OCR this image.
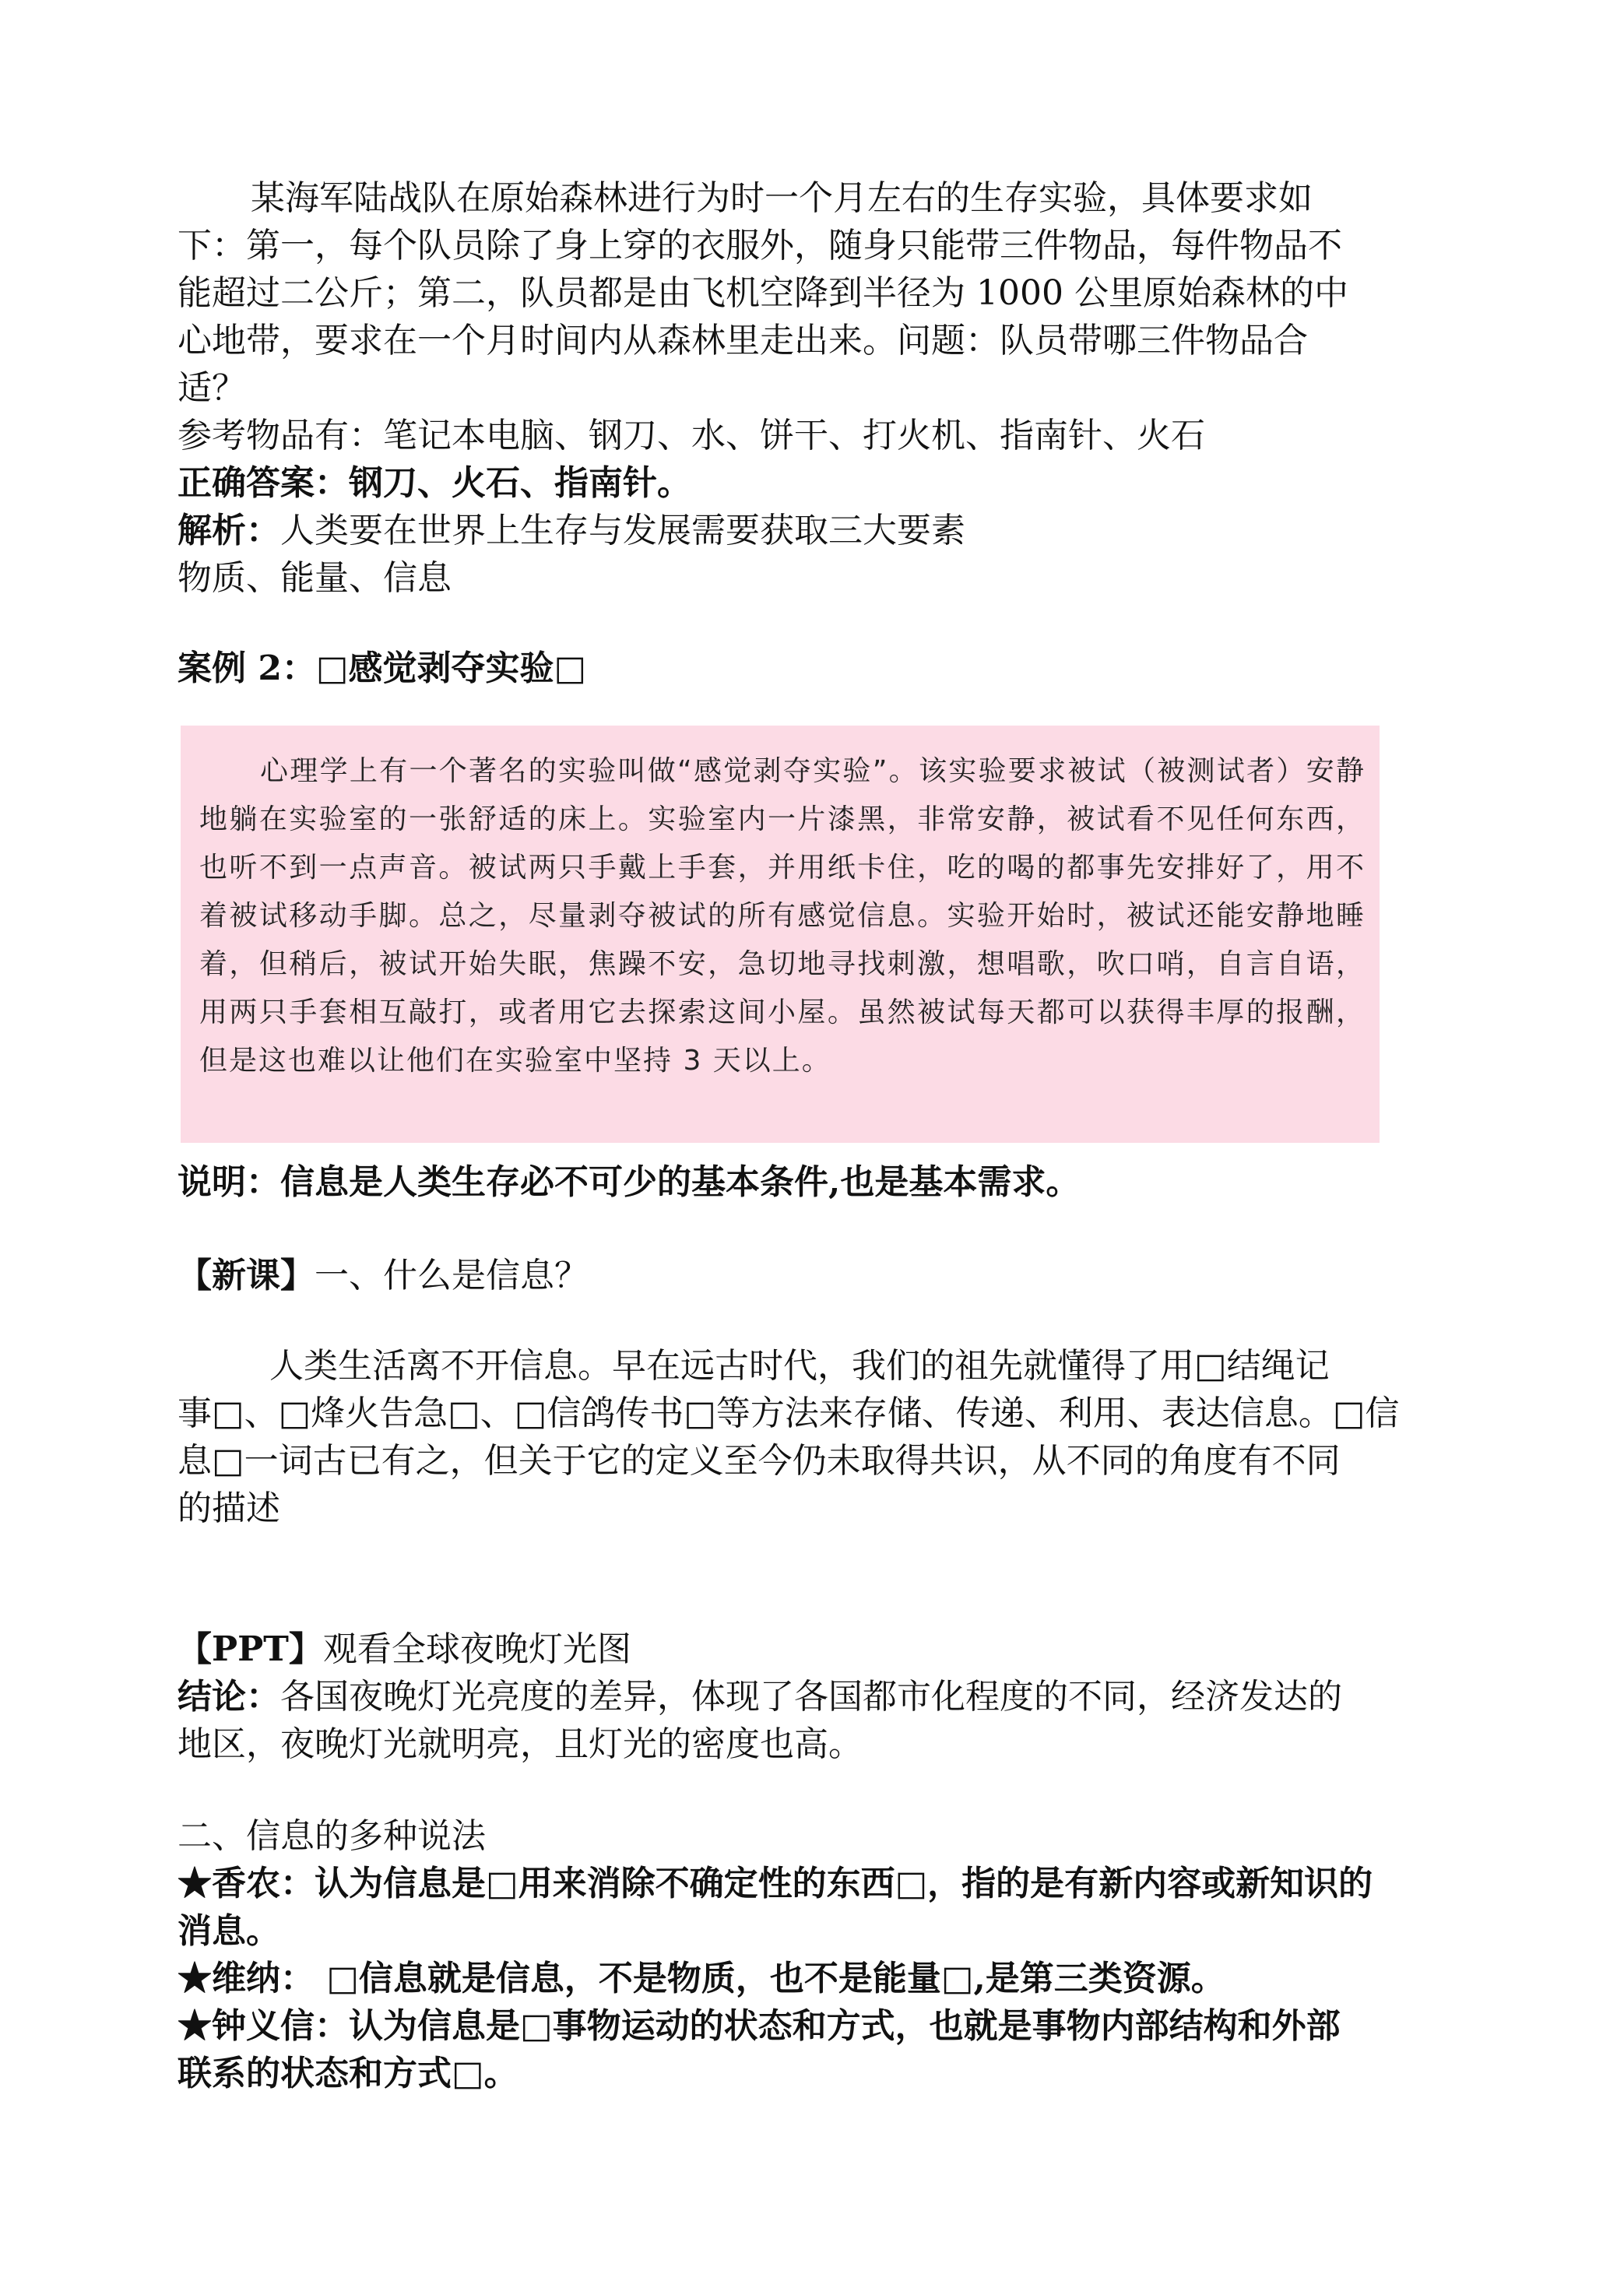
某海军陆战队在原始森林进行为时一个月左右的生存实验，具体要求如
下：第一，每个队员除了身上穿的衣服外，随身只能带三件物品，每件物品不
能超过二公斤；第二，队员都是由飞机空降到半径为 1000 公里原始森林的中
心地带，要求在一个月时间内从森林里走出来。问题：队员带哪三件物品合
适？
参考物品有：笔记本电脑、钢刀、水、饼干、打火机、指南针、火石
正确答案：钢刀、火石、指南针。
解析：人类要在世界上生存与发展需要获取三大要素
物质、能量、信息
案例 2：□感觉剥夺实验□
心理学上有一个著名的实验叫做“感觉剥夺实验”。该实验要求被试（被测试者）安静地躺在实验室的一张舒适的床上。实验室内一片漆黑，非常安静，被试看不见任何东西，也听不到一点声音。被试两只手戴上手套，并用纸卡住，吃的喝的都事先安排好了，用不着被试移动手脚。总之，尽量剥夺被试的所有感觉信息。实验开始时，被试还能安静地睡着，但稍后，被试开始失眠，焦躁不安，急切地寻找刺激，想唱歌，吹口哨，自言自语，用两只手套相互敲打，或者用它去探索这间小屋。虽然被试每天都可以获得丰厚的报酬，但是这也难以让他们在实验室中坚持 3 天以上。
说明：信息是人类生存必不可少的基本条件,也是基本需求。
【新课】一、什么是信息？
人类生活离不开信息。早在远古时代，我们的祖先就懂得了用□结绳记
事□、□烽火告急□、□信鸽传书□等方法来存储、传递、利用、表达信息。□信
息□一词古已有之，但关于它的定义至今仍未取得共识，从不同的角度有不同
的描述
【PPT】观看全球夜晚灯光图
结论：各国夜晚灯光亮度的差异，体现了各国都市化程度的不同，经济发达的
地区，夜晚灯光就明亮，且灯光的密度也高。
二、信息的多种说法
★香农：认为信息是□用来消除不确定性的东西□，指的是有新内容或新知识的
消息。
★维纳： □信息就是信息，不是物质，也不是能量□,是第三类资源。
★钟义信：认为信息是□事物运动的状态和方式，也就是事物内部结构和外部
联系的状态和方式□。
